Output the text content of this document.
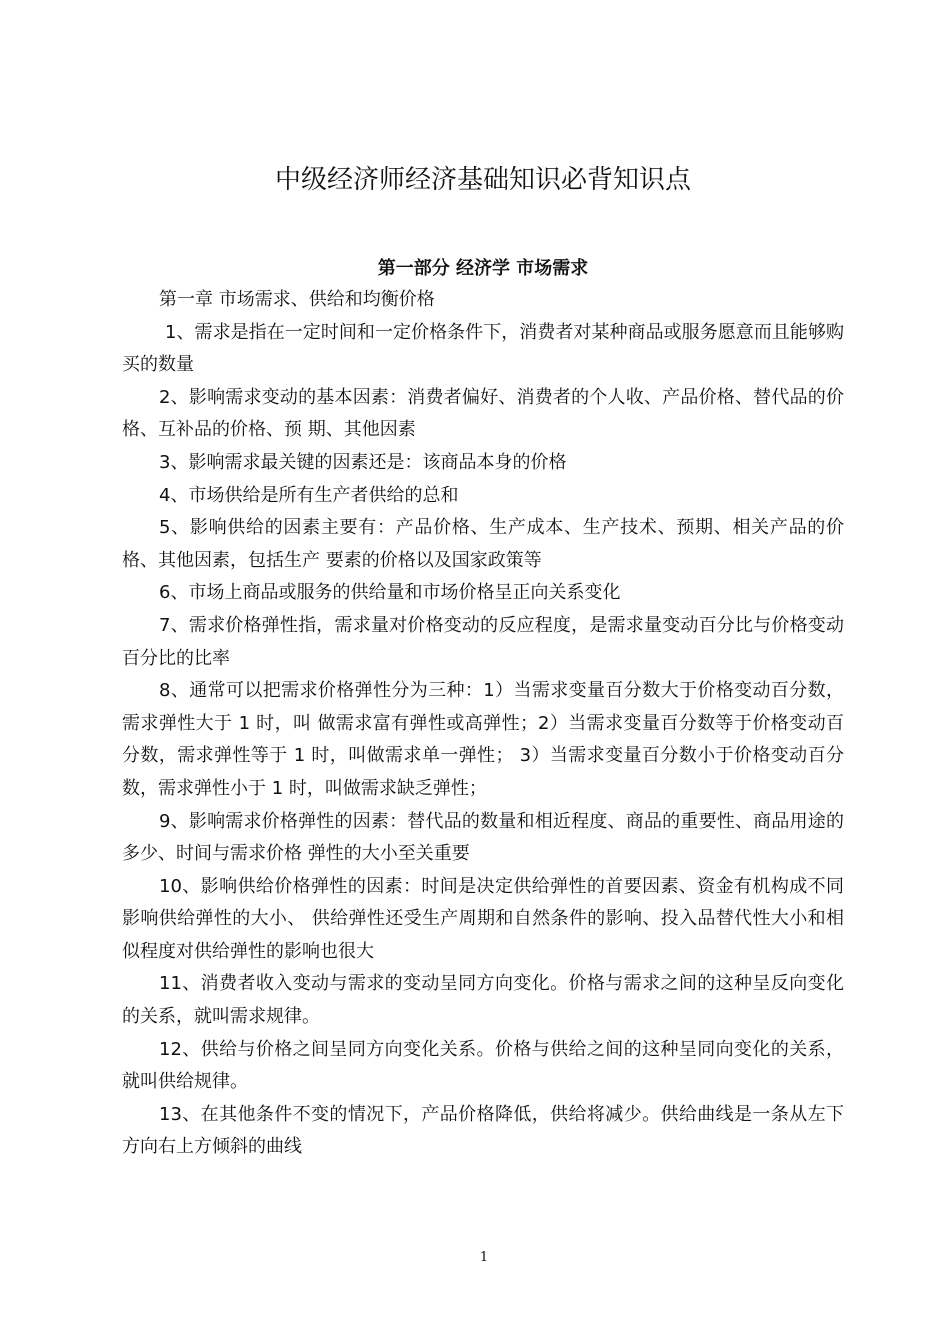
中级经济师经济基础知识必背知识点
第一部分 经济学 市场需求

第一章 市场需求、供给和均衡价格

1、需求是指在一定时间和一定价格条件下，消费者对某种商品或服务愿意而且能够购买的数量

2、影响需求变动的基本因素：消费者偏好、消费者的个人收、产品价格、替代品的价格、互补品的价格、预 期、其他因素

3、影响需求最关键的因素还是：该商品本身的价格

4、市场供给是所有生产者供给的总和

5、影响供给的因素主要有：产品价格、生产成本、生产技术、预期、相关产品的价格、其他因素，包括生产 要素的价格以及国家政策等

6、市场上商品或服务的供给量和市场价格呈正向关系变化

7、需求价格弹性指，需求量对价格变动的反应程度，是需求量变动百分比与价格变动百分比的比率

8、通常可以把需求价格弹性分为三种：1）当需求变量百分数大于价格变动百分数，需求弹性大于 1 时，叫 做需求富有弹性或高弹性；2）当需求变量百分数等于价格变动百分数，需求弹性等于 1 时，叫做需求单一弹性； 3）当需求变量百分数小于价格变动百分数，需求弹性小于 1 时，叫做需求缺乏弹性；

9、影响需求价格弹性的因素：替代品的数量和相近程度、商品的重要性、商品用途的多少、时间与需求价格 弹性的大小至关重要

10、影响供给价格弹性的因素：时间是决定供给弹性的首要因素、资金有机构成不同影响供给弹性的大小、 供给弹性还受生产周期和自然条件的影响、投入品替代性大小和相似程度对供给弹性的影响也很大

11、消费者收入变动与需求的变动呈同方向变化。价格与需求之间的这种呈反向变化的关系，就叫需求规律。

12、供给与价格之间呈同方向变化关系。价格与供给之间的这种呈同向变化的关系，就叫供给规律。

13、在其他条件不变的情况下，产品价格降低，供给将减少。供给曲线是一条从左下方向右上方倾斜的曲线

1
